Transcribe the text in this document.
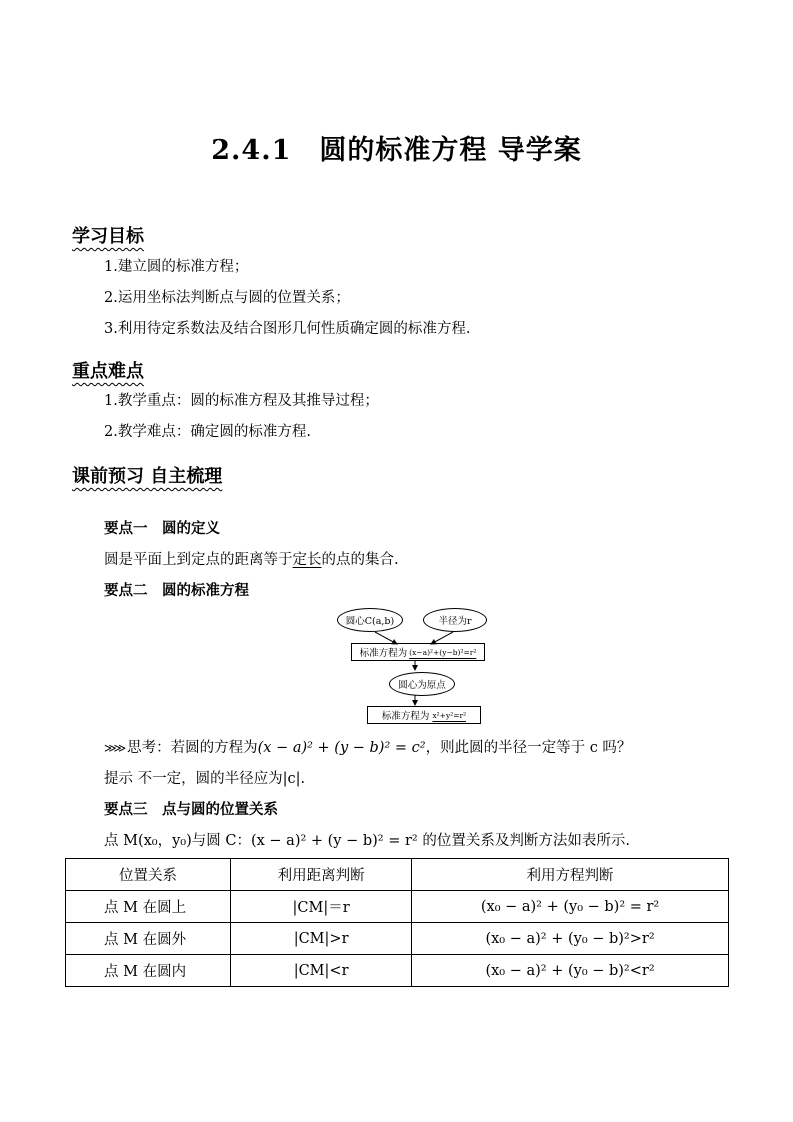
2.4.1　圆的标准方程 导学案
学习目标
1.建立圆的标准方程；
2.运用坐标法判断点与圆的位置关系；
3.利用待定系数法及结合图形几何性质确定圆的标准方程.
重点难点
1.教学重点：圆的标准方程及其推导过程；
2.教学难点：确定圆的标准方程.
课前预习 自主梳理
要点一　圆的定义
圆是平面上到定点的距离等于定长的点的集合.
要点二　圆的标准方程
圆心C(a,b)	半径为r
标准方程为 (x−a)²+(y−b)²=r²
圆心为原点
标准方程为 x²+y²=r²
≫≫ 思考：若圆的方程为(x − a)² + (y − b)² = c²，则此圆的半径一定等于 c 吗？
提示 不一定，圆的半径应为|c|.
要点三　点与圆的位置关系
点 M(x₀，y₀)与圆 C：(x − a)² + (y − b)² = r² 的位置关系及判断方法如表所示.
位置关系	利用距离判断	利用方程判断
点 M 在圆上	|CM|＝r	(x₀ − a)² + (y₀ − b)² = r²
点 M 在圆外	|CM|>r	(x₀ − a)² + (y₀ − b)²>r²
点 M 在圆内	|CM|<r	(x₀ − a)² + (y₀ − b)²<r²
